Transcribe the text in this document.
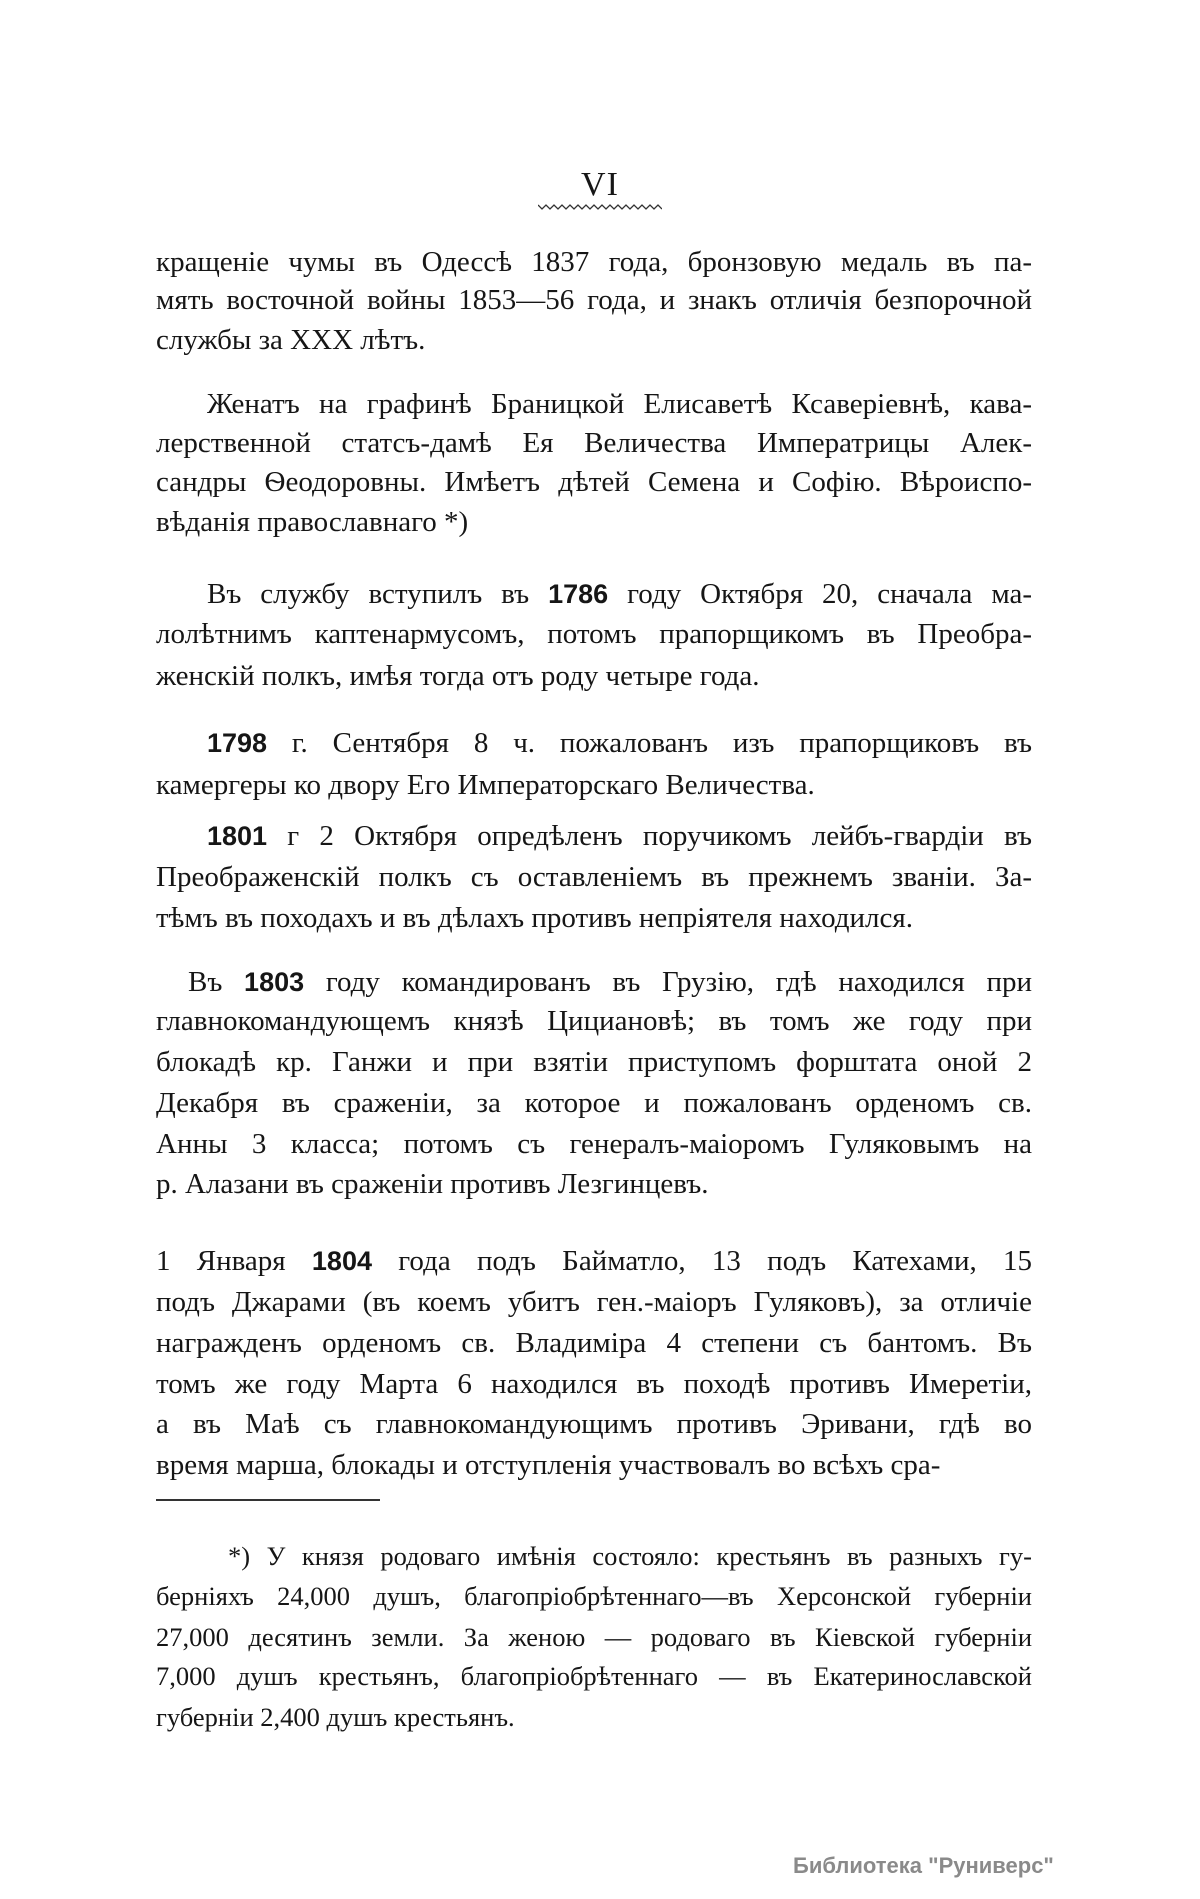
VI
кращеніе чумы въ Одессѣ 1837 года, бронзовую медаль въ па-
мять восточной войны 1853—56 года, и знакъ отличія безпорочной
службы за XXX лѣтъ.
Женатъ на графинѣ Браницкой Елисаветѣ Ксаверіевнѣ, кава-
лерственной статсъ-дамѣ Ея Величества Императрицы Алек-
сандры Ѳеодоровны. Имѣетъ дѣтей Семена и Софію. Вѣроиспо-
вѣданія православнаго *)
Въ службу вступилъ въ 1786 году Октября 20, сначала ма-
лолѣтнимъ каптенармусомъ, потомъ прапорщикомъ въ Преобра-
женскій полкъ, имѣя тогда отъ роду четыре года.
1798 г. Сентября 8 ч. пожалованъ изъ прапорщиковъ въ
камергеры ко двору Его Императорскаго Величества.
1801 г 2 Октября опредѣленъ поручикомъ лейбъ-гвардіи въ
Преображенскій полкъ съ оставленіемъ въ прежнемъ званіи. За-
тѣмъ въ походахъ и въ дѣлахъ противъ непріятеля находился.
Въ 1803 году командированъ въ Грузію, гдѣ находился при
главнокомандующемъ князѣ Цициановѣ; въ томъ же году при
блокадѣ кр. Ганжи и при взятіи приступомъ форштата оной 2
Декабря въ сраженіи, за которое и пожалованъ орденомъ св.
Анны 3 класса; потомъ съ генералъ-маіоромъ Гуляковымъ на
р. Алазани въ сраженіи противъ Лезгинцевъ.
1 Января 1804 года подъ Байматло, 13 подъ Катехами, 15
подъ Джарами (въ коемъ убитъ ген.-маіоръ Гуляковъ), за отличіе
награжденъ орденомъ св. Владиміра 4 степени съ бантомъ. Въ
томъ же году Марта 6 находился въ походѣ противъ Имеретіи,
а въ Маѣ съ главнокомандующимъ противъ Эривани, гдѣ во
время марша, блокады и отступленія участвовалъ во всѣхъ сра-
*) У князя родоваго имѣнія состояло: крестьянъ въ разныхъ гу-
берніяхъ 24,000 душъ, благопріобрѣтеннаго—въ Херсонской губерніи
27,000 десятинъ земли. За женою — родоваго въ Кіевской губерніи
7,000 душъ крестьянъ, благопріобрѣтеннаго — въ Екатеринославской
губерніи 2,400 душъ крестьянъ.
Библиотека "Руниверс"
